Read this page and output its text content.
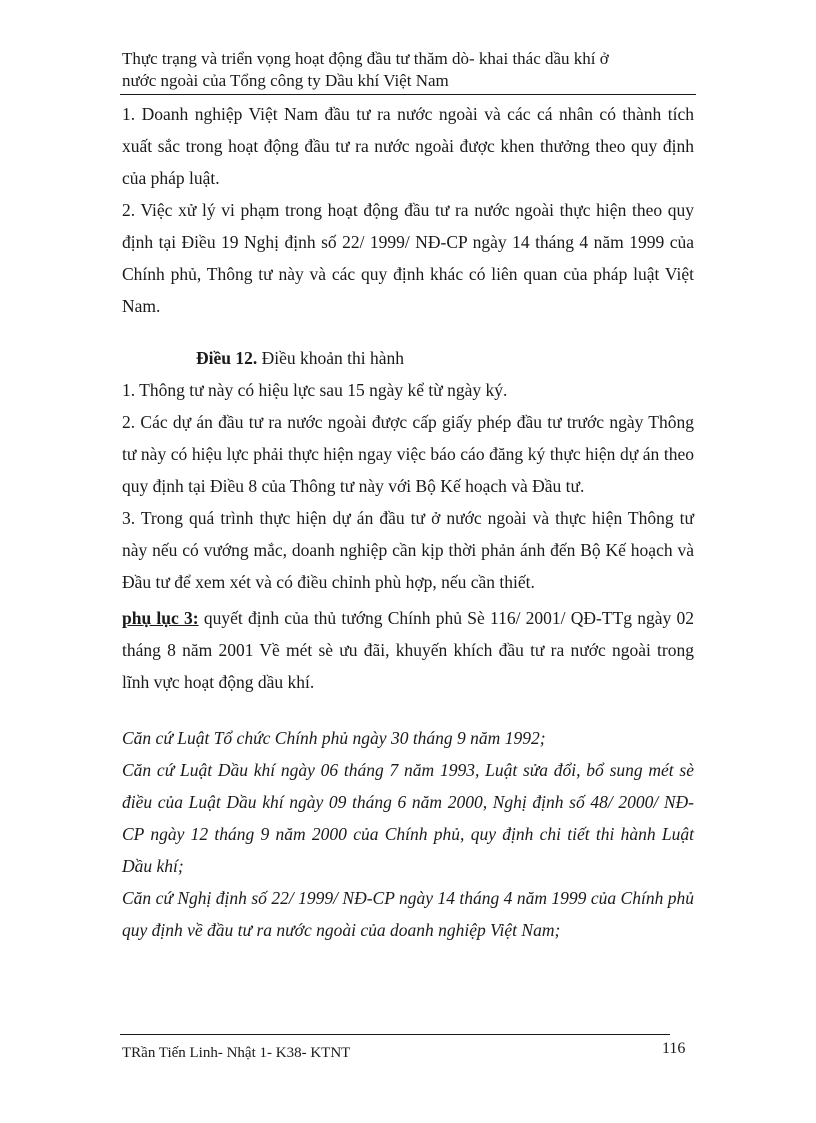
Thực trạng và triển vọng hoạt động đầu tư thăm dò- khai thác dầu khí ở
nước ngoài của Tổng công ty Dầu khí Việt Nam

1. Doanh nghiệp Việt Nam đầu tư ra nước ngoài và các cá nhân có thành tích xuất sắc trong hoạt động đầu tư ra nước ngoài được khen thưởng theo quy định của pháp luật.

2. Việc xử lý vi phạm trong hoạt động đầu tư ra nước ngoài thực hiện theo quy định tại Điều 19 Nghị định số 22/ 1999/ NĐ-CP ngày 14 tháng 4 năm 1999 của Chính phủ, Thông tư này và các quy định khác có liên quan của pháp luật Việt Nam.

Điều 12. Điều khoản thi hành

1. Thông tư này có hiệu lực sau 15 ngày kể từ ngày ký.

2. Các dự án đầu tư ra nước ngoài được cấp giấy phép đầu tư trước ngày Thông tư này có hiệu lực phải thực hiện ngay việc báo cáo đăng ký thực hiện dự án theo quy định tại Điều 8 của Thông tư này với Bộ Kế hoạch và Đầu tư.

3. Trong quá trình thực hiện dự án đầu tư ở nước ngoài và thực hiện Thông tư này nếu có vướng mắc, doanh nghiệp cần kịp thời phản ánh đến Bộ Kế hoạch và Đầu tư để xem xét và có điều chỉnh phù hợp, nếu cần thiết.

phụ lục 3: quyết định của thủ tướng Chính phủ Sè 116/ 2001/ QĐ-TTg ngày 02 tháng 8 năm 2001 Về mét sè ưu đãi, khuyến khích đầu tư ra nước ngoài trong lĩnh vực hoạt động dầu khí.

Căn cứ Luật Tổ chức Chính phủ ngày 30 tháng 9 năm 1992;

Căn cứ Luật Dầu khí ngày 06 tháng 7 năm 1993, Luật sửa đổi, bổ sung mét sè điều của Luật Dầu khí ngày 09 tháng 6 năm 2000, Nghị định số 48/ 2000/ NĐ-CP ngày 12 tháng 9 năm 2000 của Chính phủ, quy định chi tiết thi hành Luật Dầu khí;

Căn cứ Nghị định số 22/ 1999/ NĐ-CP ngày 14 tháng 4 năm 1999 của Chính phủ quy định về đầu tư ra nước ngoài của doanh nghiệp Việt Nam;

TRần Tiến Linh- Nhật 1- K38- KTNT	116
